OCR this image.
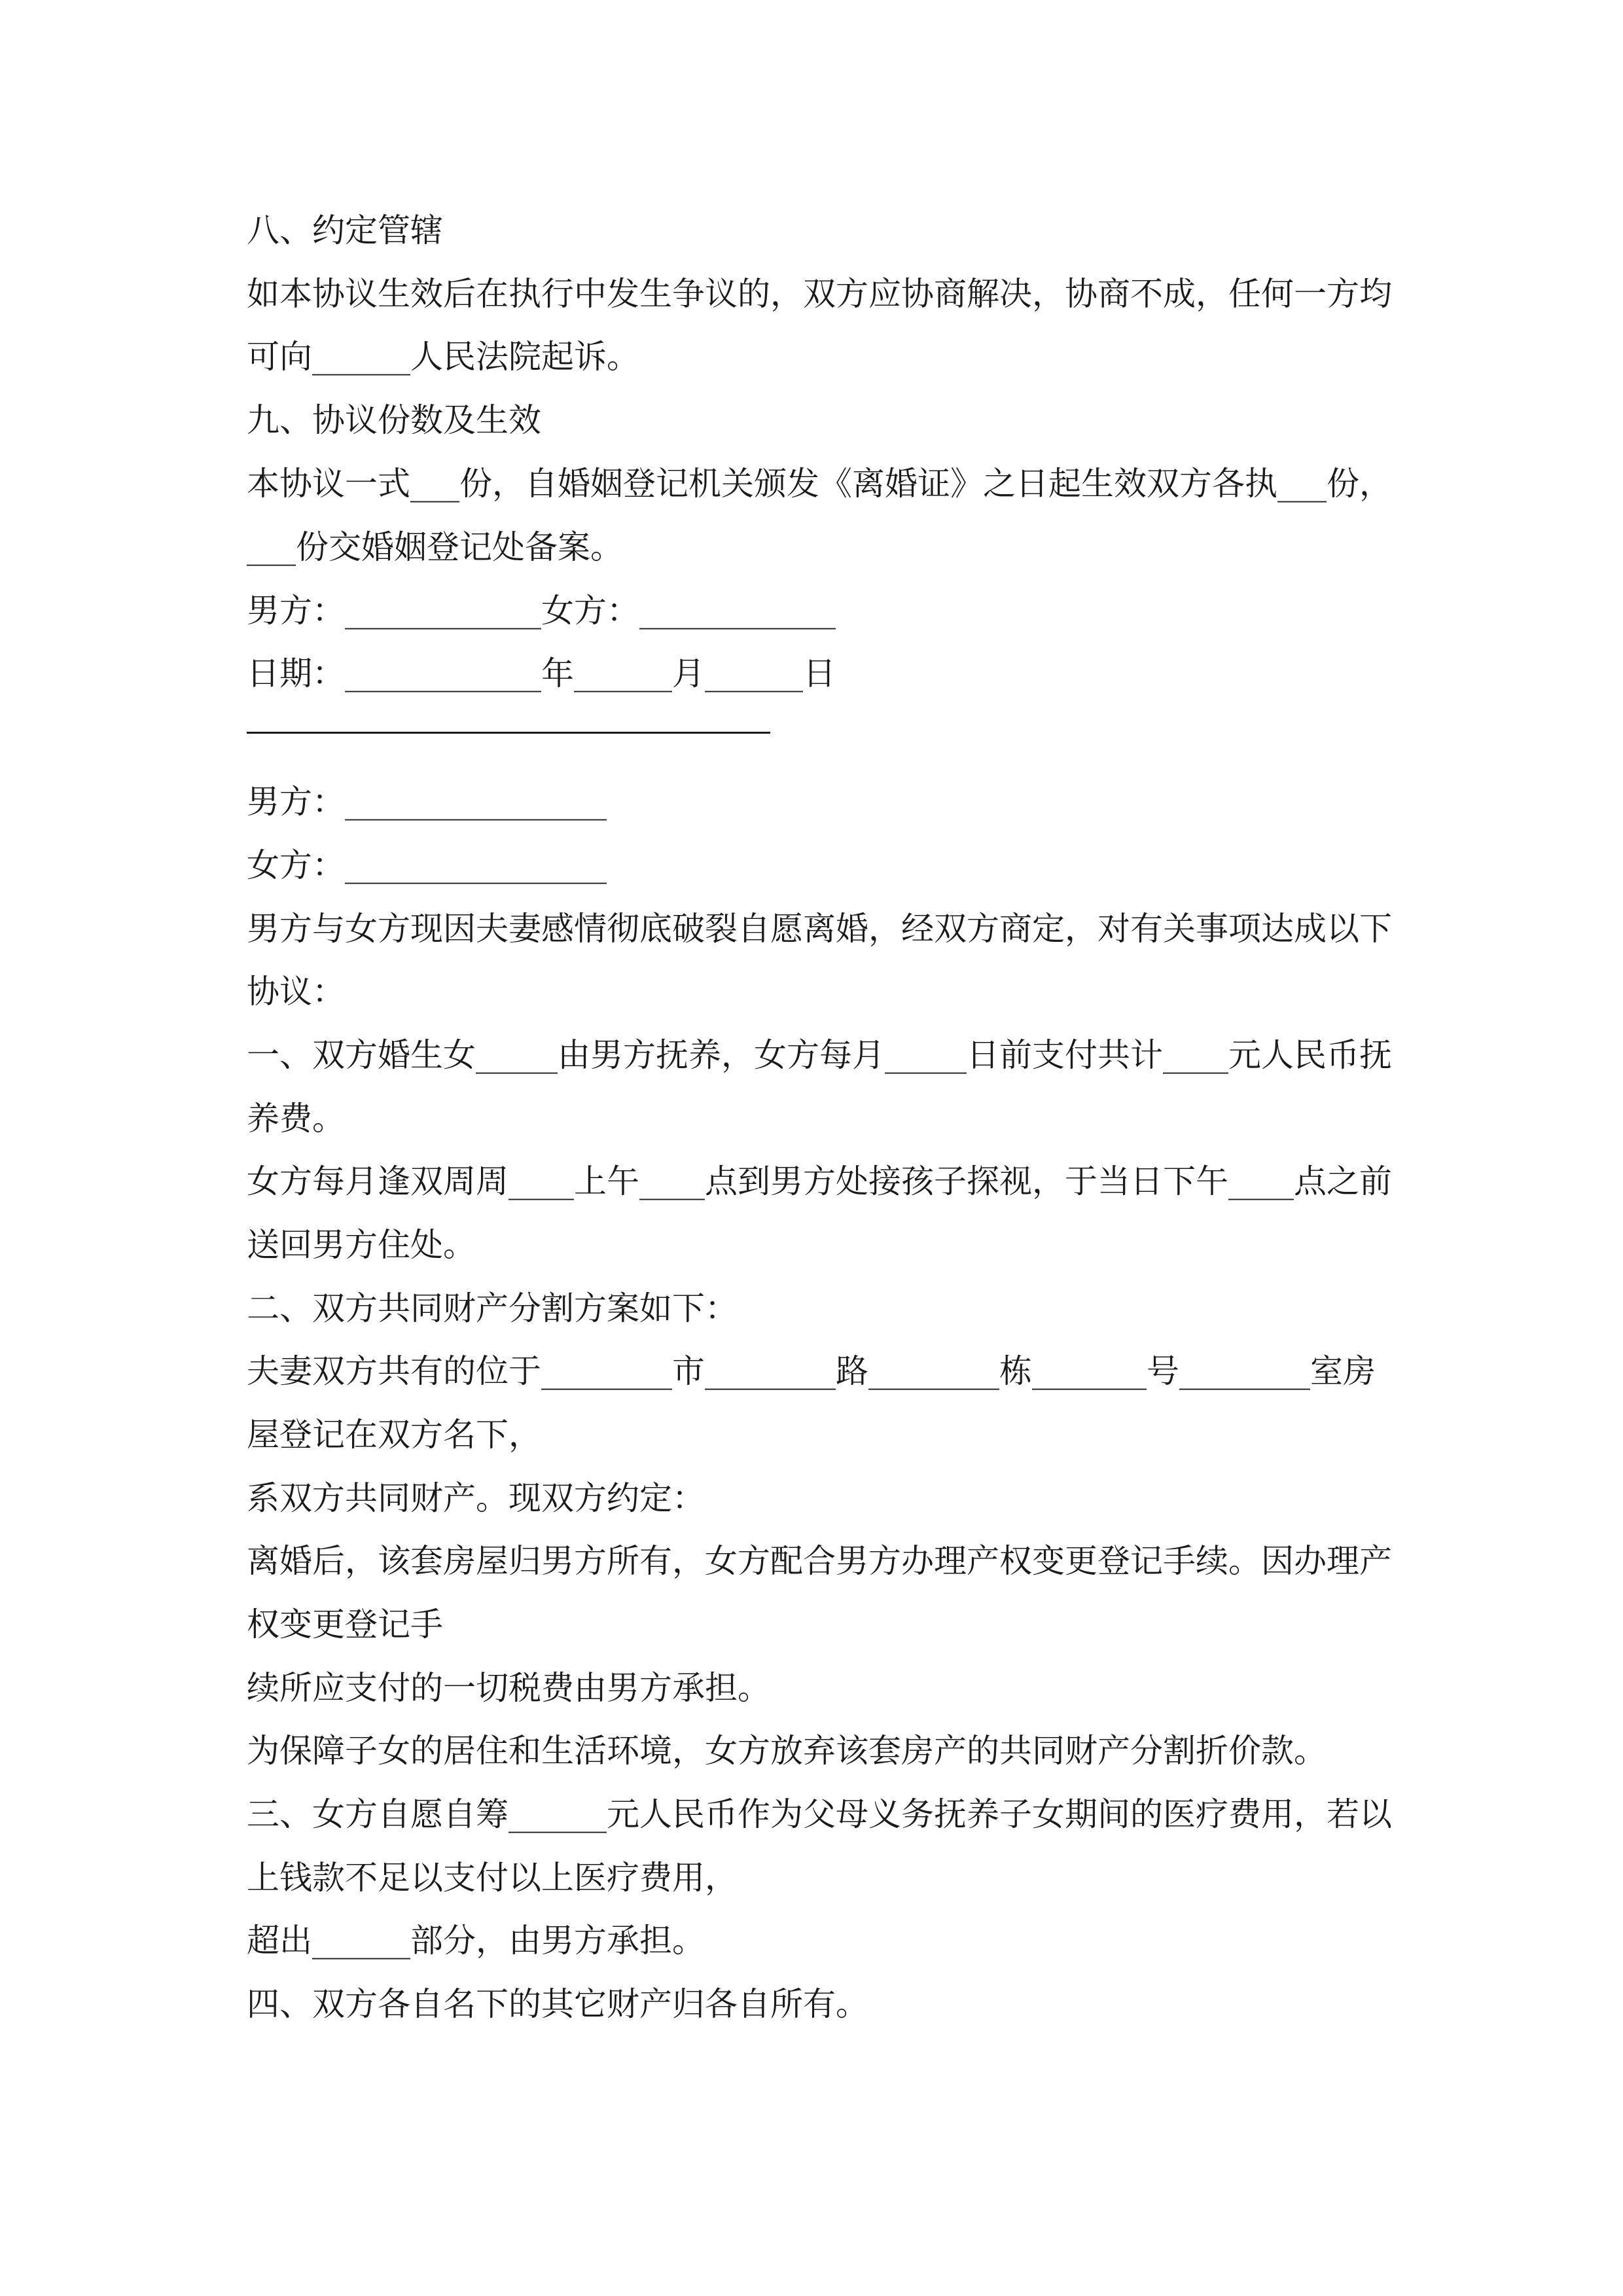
八、约定管辖
如本协议生效后在执行中发生争议的，双方应协商解决，协商不成，任何一方均
可向______人民法院起诉。
九、协议份数及生效
本协议一式___份，自婚姻登记机关颁发《离婚证》之日起生效双方各执___份，
___份交婚姻登记处备案。
男方：____________女方：____________
日期：____________年______月______日
男方：________________
女方：________________
男方与女方现因夫妻感情彻底破裂自愿离婚，经双方商定，对有关事项达成以下
协议：
一、双方婚生女_____由男方抚养，女方每月_____日前支付共计____元人民币抚
养费。
女方每月逢双周周____上午____点到男方处接孩子探视，于当日下午____点之前
送回男方住处。
二、双方共同财产分割方案如下：
夫妻双方共有的位于________市________路________栋_______号________室房
屋登记在双方名下，
系双方共同财产。现双方约定：
离婚后，该套房屋归男方所有，女方配合男方办理产权变更登记手续。因办理产
权变更登记手
续所应支付的一切税费由男方承担。
为保障子女的居住和生活环境，女方放弃该套房产的共同财产分割折价款。
三、女方自愿自筹______元人民币作为父母义务抚养子女期间的医疗费用，若以
上钱款不足以支付以上医疗费用，
超出______部分，由男方承担。
四、双方各自名下的其它财产归各自所有。
